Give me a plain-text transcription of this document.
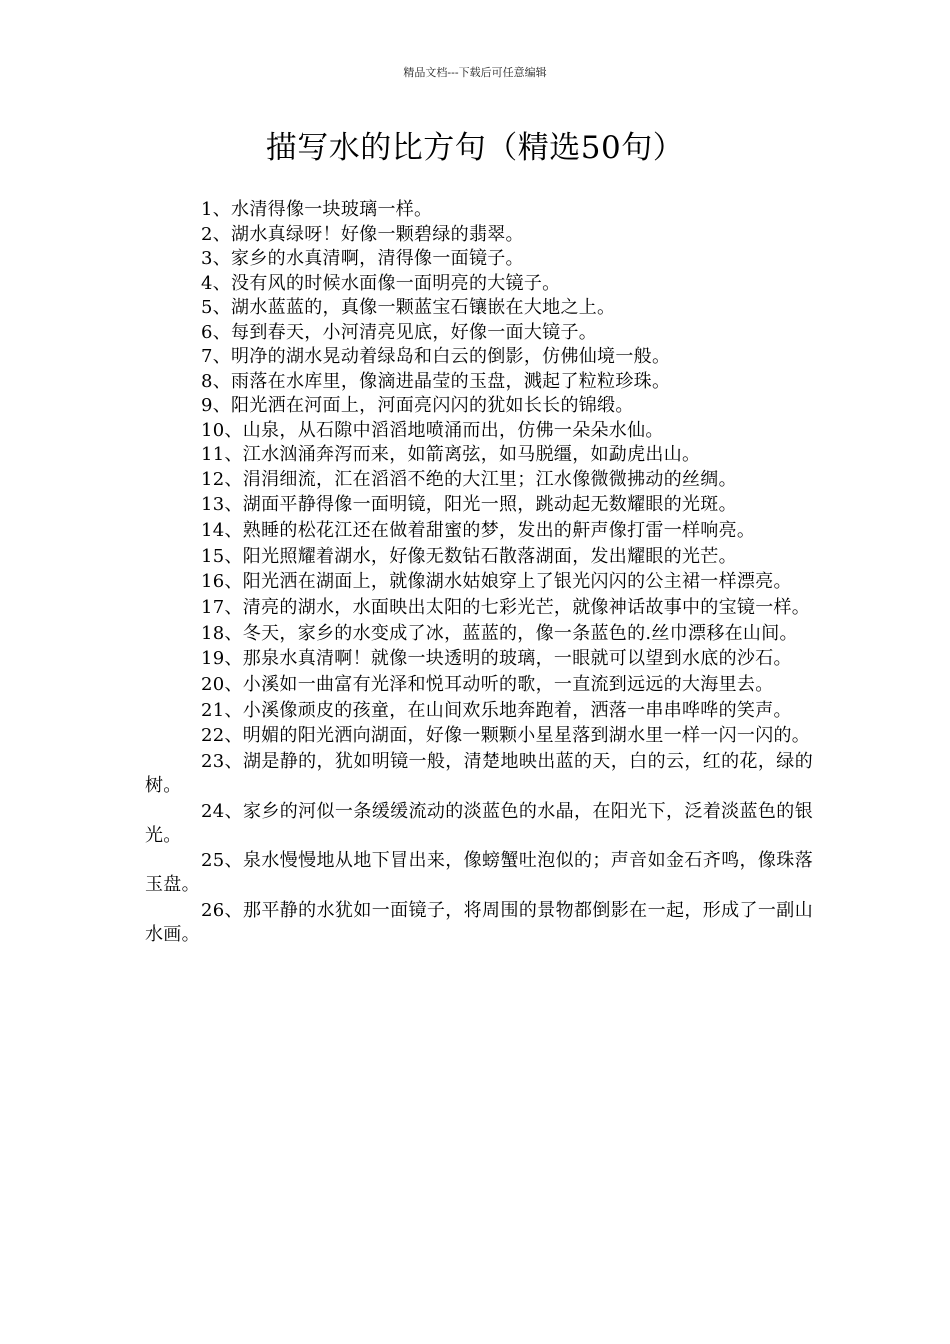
精品文档---下载后可任意编辑
描写水的比方句（精选50句）
1、水清得像一块玻璃一样。
2、湖水真绿呀！好像一颗碧绿的翡翠。
3、家乡的水真清啊，清得像一面镜子。
4、没有风的时候水面像一面明亮的大镜子。
5、湖水蓝蓝的，真像一颗蓝宝石镶嵌在大地之上。
6、每到春天，小河清亮见底，好像一面大镜子。
7、明净的湖水晃动着绿岛和白云的倒影，仿佛仙境一般。
8、雨落在水库里，像滴进晶莹的玉盘，溅起了粒粒珍珠。
9、阳光洒在河面上，河面亮闪闪的犹如长长的锦缎。
10、山泉，从石隙中滔滔地喷涌而出，仿佛一朵朵水仙。
11、江水汹涌奔泻而来，如箭离弦，如马脱缰，如勐虎出山。
12、涓涓细流，汇在滔滔不绝的大江里；江水像微微拂动的丝绸。
13、湖面平静得像一面明镜，阳光一照，跳动起无数耀眼的光斑。
14、熟睡的松花江还在做着甜蜜的梦，发出的鼾声像打雷一样响亮。
15、阳光照耀着湖水，好像无数钻石散落湖面，发出耀眼的光芒。
16、阳光洒在湖面上，就像湖水姑娘穿上了银光闪闪的公主裙一样漂亮。
17、清亮的湖水，水面映出太阳的七彩光芒，就像神话故事中的宝镜一样。
18、冬天，家乡的水变成了冰，蓝蓝的，像一条蓝色的.丝巾漂移在山间。
19、那泉水真清啊！就像一块透明的玻璃，一眼就可以望到水底的沙石。
20、小溪如一曲富有光泽和悦耳动听的歌，一直流到远远的大海里去。
21、小溪像顽皮的孩童，在山间欢乐地奔跑着，洒落一串串哗哗的笑声。
22、明媚的阳光洒向湖面，好像一颗颗小星星落到湖水里一样一闪一闪的。
23、湖是静的，犹如明镜一般，清楚地映出蓝的天，白的云，红的花，绿的树。
24、家乡的河似一条缓缓流动的淡蓝色的水晶，在阳光下，泛着淡蓝色的银光。
25、泉水慢慢地从地下冒出来，像螃蟹吐泡似的；声音如金石齐鸣，像珠落玉盘。
26、那平静的水犹如一面镜子，将周围的景物都倒影在一起，形成了一副山水画。
